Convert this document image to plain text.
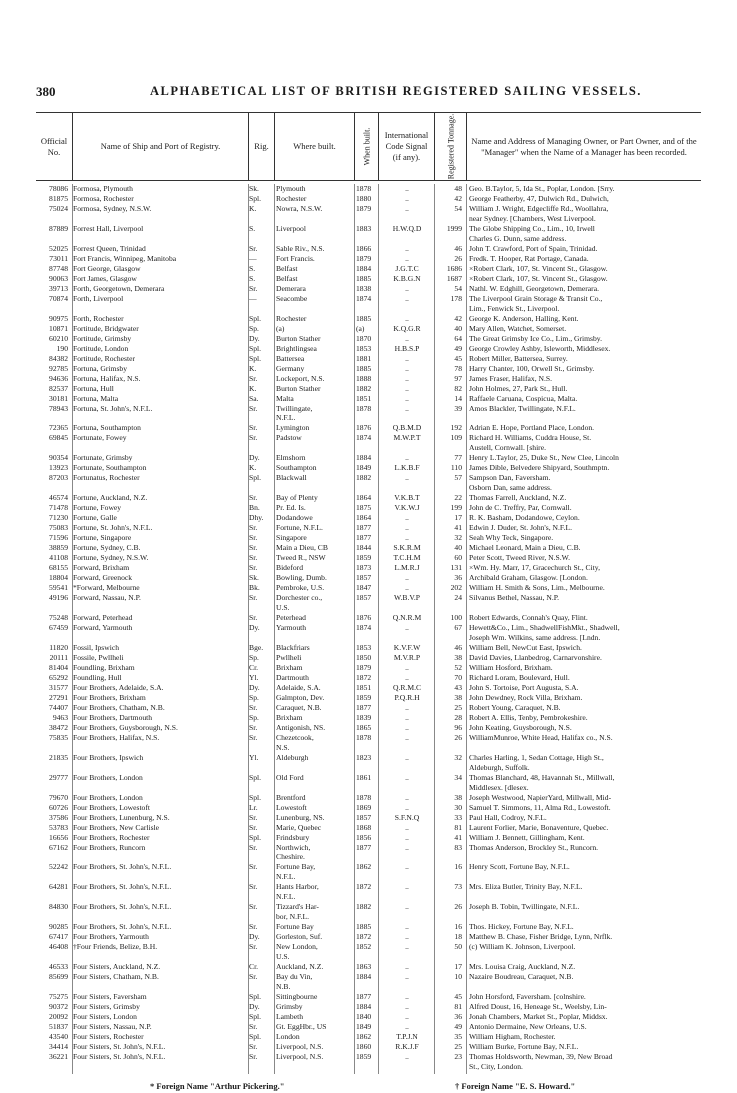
380	ALPHABETICAL LIST OF BRITISH REGISTERED SAILING VESSELS.
Official No.
Name of Ship and Port of Registry.	Rig.	Where built.	When built.	International Code Signal (if any).	Registered Tonnage.	Name and Address of Managing Owner, or Part Owner, and of the "Manager" when the Name of a Manager has been recorded.
78086 Formosa, Plymouth	Sk.	Plymouth	1878	..	48 Geo. B.Taylor, 5, Ida St., Poplar, London. [Srry.
81875 Formosa, Rochester	Spl.	Rochester	1880	..	42 George Featherby, 47, Dulwich Rd., Dulwich,
75024 Formosa, Sydney, N.S.W.	K.	Nowra, N.S.W.	1879	..	54 William J. Wright, Edgecliffe Rd., Woollahra,
near Sydney. [Chambers, West Liverpool.
87889 Forrest Hall, Liverpool	S.	Liverpool	1883	H.W.Q.D	1999 The Globe Shipping Co., Lim., 10, Irwell
Charles G. Dunn, same address.
52025 Forrest Queen, Trinidad	Sr.	Sable Riv., N.S.	1866	..	46 John T. Crawford, Port of Spain, Trinidad.
73011 Fort Francis, Winnipeg, Manitoba	—	Fort Francis.	1879	..	26 Fredk. T. Hooper, Rat Portage, Canada.
87748 Fort George, Glasgow	S.	Belfast	1884	J.G.T.C	1686 ×Robert Clark, 107, St. Vincent St., Glasgow.
90063 Fort James, Glasgow	S.	Belfast	1885	K.B.G.N	1687 ×Robert Clark, 107, St. Vincent St., Glasgow.
39713 Forth, Georgetown, Demerara	Sr.	Demerara	1838	..	54 Nathl. W. Edghill, Georgetown, Demerara.
70874 Forth, Liverpool	—	Seacombe	1874	..	178 The Liverpool Grain Storage & Transit Co.,
Lim., Fenwick St., Liverpool.
90975 Forth, Rochester	Spl.	Rochester	1885	..	42 George K. Anderson, Halling, Kent.
10871 Fortitude, Bridgwater	Sp.	(a)	(a)	K.Q.G.R	40 Mary Allen, Watchet, Somerset.
60210 Fortitude, Grimsby	Dy.	Burton Stather	1870	..	64 The Great Grimsby Ice Co., Lim., Grimsby.
190 Fortitude, London	Spl.	Brightlingsea	1853	H.B.S.P	49 George Crowley Ashby, Isleworth, Middlesex.
84382 Fortitude, Rochester	Spl.	Battersea	1881	..	45 Robert Miller, Battersea, Surrey.
92785 Fortuna, Grimsby	K.	Germany	1885	..	78 Harry Chanter, 100, Orwell St., Grimsby.
94636 Fortuna, Halifax, N.S.	Sr.	Lockeport, N.S.	1888	..	97 James Fraser, Halifax, N.S.
82537 Fortuna, Hull	K.	Burton Stather	1882	..	82 John Holmes, 27, Park St., Hull.
30181 Fortuna, Malta	Sa.	Malta	1851	..	14 Raffaele Caruana, Cospicua, Malta.
78943 Fortuna, St. John's, N.F.L.	Sr.	Twillingate,	1878	..	39 Amos Blackler, Twillingate, N.F.L.
N.F.L.
72365 Fortuna, Southampton	Sr.	Lymington	1876	Q.B.M.D	192 Adrian E. Hope, Portland Place, London.
69845 Fortunate, Fowey	Sr.	Padstow	1874	M.W.P.T	109 Richard H. Williams, Cuddra House, St.
Austell, Cornwall. [shire.
90354 Fortunate, Grimsby	Dy.	Elmshorn	1884	..	77 Henry L.Taylor, 25, Duke St., New Clee, Lincoln
13923 Fortunate, Southampton	K.	Southampton	1849	L.K.B.F	110 James Dible, Belvedere Shipyard, Southmptn.
87203 Fortunatus, Rochester	Spl.	Blackwall	1882	..	57 Sampson Dan, Faversham.
Osborn Dan, same address.
46574 Fortune, Auckland, N.Z.	Sr.	Bay of Plenty	1864	V.K.B.T	22 Thomas Farrell, Auckland, N.Z.
71478 Fortune, Fowey	Bn.	Pr. Ed. Is.	1875	V.K.W.J	199 John de C. Treffry, Par, Cornwall.
71230 Fortune, Galle	Dhy.	Dodandowe	1864	..	17 R. K. Basham, Dodandowe, Ceylon.
75083 Fortune, St. John's, N.F.L.	Sr.	Fortune, N.F.L.	1877	..	41 Edwin J. Duder, St. John's, N.F.L.
71596 Fortune, Singapore	Sr.	Singapore	1877	..	32 Seah Why Teck, Singapore.
38859 Fortune, Sydney, C.B.	Sr.	Main a Dieu, CB	1844	S.K.R.M	40 Michael Leonard, Main a Dieu, C.B.
41108 Fortune, Sydney, N.S.W.	Sr.	Tweed R., NSW	1859	T.C.H.M	60 Peter Scott, Tweed River, N.S.W.
68155 Forward, Brixham	Sr.	Bideford	1873	L.M.R.J	131 ×Wm. Hy. Marr, 17, Gracechurch St., City,
18804 Forward, Greenock	Sk.	Bowling, Dumb.	1857	..	36 Archibald Graham, Glasgow. [London.
59541 *Forward, Melbourne	Bk.	Pembroke, U.S.	1847	..	202 William H. Smith & Sons, Lim., Melbourne.
49196 Forward, Nassau, N.P.	Sr.	Dorchester co.,	1857	W.B.V.P	24 Silvanus Bethel, Nassau, N.P.
U.S.
75248 Forward, Peterhead	Sr.	Peterhead	1876	Q.N.R.M	100 Robert Edwards, Connah's Quay, Flint.
67459 Forward, Yarmouth	Dy.	Yarmouth	1874	..	67 Hewett&Co., Lim., ShadwellFishMkt., Shadwell,
Joseph Wm. Wilkins, same address. [Lndn.
11820 Fossil, Ipswich	Bge.	Blackfriars	1853	K.V.F.W	46 William Bell, NewCut East, Ipswich.
20111 Fossile, Pwllheli	Sp.	Pwllheli	1850	M.V.R.P	38 David Davies, Llanbedrog, Carnarvonshire.
81404 Foundling, Brixham	Cr.	Brixham	1879	..	52 William Hosford, Brixham.
65292 Foundling, Hull	Yl.	Dartmouth	1872	..	70 Richard Loram, Boulevard, Hull.
31577 Four Brothers, Adelaide, S.A.	Dy.	Adelaide, S.A.	1851	Q.R.M.C	43 John S. Tortoise, Port Augusta, S.A.
27291 Four Brothers, Brixham	Sp.	Galmpton, Dev.	1859	P.Q.R.H	38 John Dewdney, Rock Villa, Brixham.
74407 Four Brothers, Chatham, N.B.	Sr.	Caraquet, N.B.	1877	..	25 Robert Young, Caraquet, N.B.
9463 Four Brothers, Dartmouth	Sp.	Brixham	1839	..	28 Robert A. Ellis, Tenby, Pembrokeshire.
38472 Four Brothers, Guysborough, N.S.	Sr.	Antigonish, NS.	1865	..	96 John Keating, Guysborough, N.S.
75835 Four Brothers, Halifax, N.S.	Sr.	Chezetcook,	1878	..	26 WilliamMunroe, White Head, Halifax co., N.S.
N.S.
21835 Four Brothers, Ipswich	Yl.	Aldeburgh	1823	..	32 Charles Harling, 1, Sedan Cottage, High St.,
Aldeburgh, Suffolk.
29777 Four Brothers, London	Spl.	Old Ford	1861	..	34 Thomas Blanchard, 48, Havannah St., Millwall,
Middlesex. [dlesex.
79670 Four Brothers, London	Spl.	Brentford	1878	..	38 Joseph Westwood, NapierYard, Millwall, Mid-
60726 Four Brothers, Lowestoft	Lr.	Lowestoft	1869	..	30 Samuel T. Simmons, 11, Alma Rd., Lowestoft.
37586 Four Brothers, Lunenburg, N.S.	Sr.	Lunenburg, NS.	1857	S.F.N.Q	33 Paul Hall, Codroy, N.F.L.
53783 Four Brothers, New Carlisle	Sr.	Marie, Quebec	1868	..	81 Laurent Forlier, Marie, Bonaventure, Quebec.
16656 Four Brothers, Rochester	Spl.	Frindsbury	1856	..	41 William J. Bennett, Gillingham, Kent.
67162 Four Brothers, Runcorn	Sr.	Northwich,	1877	..	83 Thomas Anderson, Brockley St., Runcorn.
Cheshire.
52242 Four Brothers, St. John's, N.F.L.	Sr.	Fortune Bay,	1862	..	16 Henry Scott, Fortune Bay, N.F.L.
N.F.L.
64281 Four Brothers, St. John's, N.F.L.	Sr.	Hants Harbor,	1872	..	73 Mrs. Eliza Butler, Trinity Bay, N.F.L.
N.F.L.
84830 Four Brothers, St. John's, N.F.L.	Sr.	Tizzard's Har-	1882	..	26 Joseph B. Tobin, Twillingate, N.F.L.
bor, N.F.L.
90285 Four Brothers, St. John's, N.F.L.	Sr.	Fortune Bay	1885	..	16 Thos. Hickey, Fortune Bay, N.F.L.
67417 Four Brothers, Yarmouth	Dy.	Gorleston, Suf.	1872	..	18 Matthew B. Chase, Fisher Bridge, Lynn, Nrflk.
46408 †Four Friends, Belize, B.H.	Sr.	New London,	1852	..	50 (c) William K. Johnson, Liverpool.
U.S.
46533 Four Sisters, Auckland, N.Z.	Cr.	Auckland, N.Z.	1863	..	17 Mrs. Louisa Craig, Auckland, N.Z.
85699 Four Sisters, Chatham, N.B.	Sr.	Bay du Vin,	1884	..	10 Nazaire Boudreau, Caraquet, N.B.
N.B.
75275 Four Sisters, Faversham	Spl.	Sittingbourne	1877	..	45 John Horsford, Faversham. [colnshire.
90372 Four Sisters, Grimsby	Dy.	Grimsby	1884	..	81 Alfred Doust, 16, Heneage St., Weelsby, Lin-
20092 Four Sisters, London	Spl.	Lambeth	1840	..	36 Jonah Chambers, Market St., Poplar, Middsx.
51837 Four Sisters, Nassau, N.P.	Sr.	Gt. EggHbr., US	1849	..	49 Antonio Dermaine, New Orleans, U.S.
43540 Four Sisters, Rochester	Spl.	London	1862	T.P.J.N	35 William Higham, Rochester.
34414 Four Sisters, St. John's, N.F.L.	Sr.	Liverpool, N.S.	1860	R.K.J.F	25 William Burke, Fortune Bay, N.F.L.
36221 Four Sisters, St. John's, N.F.L.	Sr.	Liverpool, N.S.	1859	..	23 Thomas Holdsworth, Newman, 39, New Broad
St., City, London.
* Foreign Name "Arthur Pickering."	† Foreign Name "E. S. Howard."
